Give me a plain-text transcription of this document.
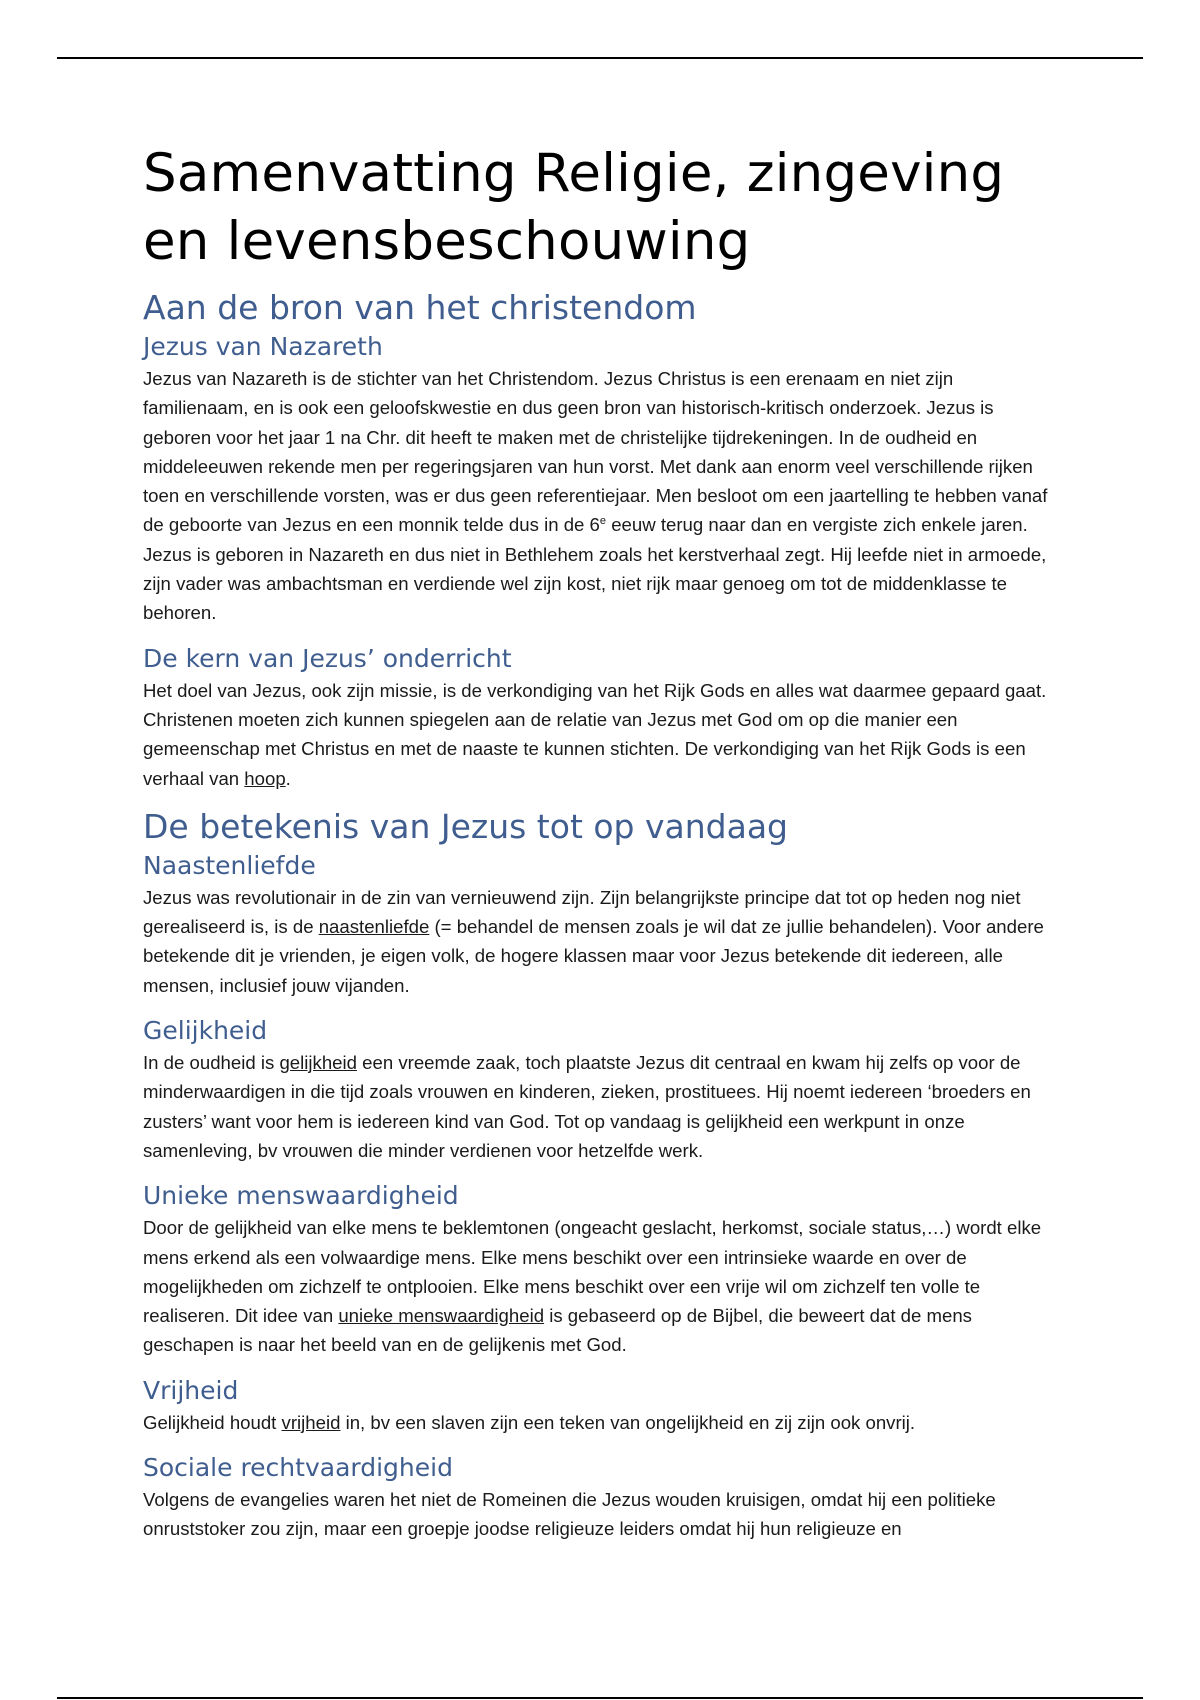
Samenvatting Religie, zingeving en levensbeschouwing
Aan de bron van het christendom
Jezus van Nazareth

Jezus van Nazareth is de stichter van het Christendom. Jezus Christus is een erenaam en niet zijn familienaam, en is ook een geloofskwestie en dus geen bron van historisch-kritisch onderzoek. Jezus is geboren voor het jaar 1 na Chr. dit heeft te maken met de christelijke tijdrekeningen. In de oudheid en middeleeuwen rekende men per regeringsjaren van hun vorst. Met dank aan enorm veel verschillende rijken toen en verschillende vorsten, was er dus geen referentiejaar. Men besloot om een jaartelling te hebben vanaf de geboorte van Jezus en een monnik telde dus in de 6e eeuw terug naar dan en vergiste zich enkele jaren. Jezus is geboren in Nazareth en dus niet in Bethlehem zoals het kerstverhaal zegt. Hij leefde niet in armoede, zijn vader was ambachtsman en verdiende wel zijn kost, niet rijk maar genoeg om tot de middenklasse te behoren.

De kern van Jezus’ onderricht

Het doel van Jezus, ook zijn missie, is de verkondiging van het Rijk Gods en alles wat daarmee gepaard gaat. Christenen moeten zich kunnen spiegelen aan de relatie van Jezus met God om op die manier een gemeenschap met Christus en met de naaste te kunnen stichten. De verkondiging van het Rijk Gods is een verhaal van hoop.

De betekenis van Jezus tot op vandaag
Naastenliefde

Jezus was revolutionair in de zin van vernieuwend zijn. Zijn belangrijkste principe dat tot op heden nog niet gerealiseerd is, is de naastenliefde (= behandel de mensen zoals je wil dat ze jullie behandelen). Voor andere betekende dit je vrienden, je eigen volk, de hogere klassen maar voor Jezus betekende dit iedereen, alle mensen, inclusief jouw vijanden.

Gelijkheid

In de oudheid is gelijkheid een vreemde zaak, toch plaatste Jezus dit centraal en kwam hij zelfs op voor de minderwaardigen in die tijd zoals vrouwen en kinderen, zieken, prostituees. Hij noemt iedereen ‘broeders en zusters’ want voor hem is iedereen kind van God. Tot op vandaag is gelijkheid een werkpunt in onze samenleving, bv vrouwen die minder verdienen voor hetzelfde werk.

Unieke menswaardigheid

Door de gelijkheid van elke mens te beklemtonen (ongeacht geslacht, herkomst, sociale status,…) wordt elke mens erkend als een volwaardige mens. Elke mens beschikt over een intrinsieke waarde en over de mogelijkheden om zichzelf te ontplooien. Elke mens beschikt over een vrije wil om zichzelf ten volle te realiseren. Dit idee van unieke menswaardigheid is gebaseerd op de Bijbel, die beweert dat de mens geschapen is naar het beeld van en de gelijkenis met God.

Vrijheid

Gelijkheid houdt vrijheid in, bv een slaven zijn een teken van ongelijkheid en zij zijn ook onvrij.

Sociale rechtvaardigheid

Volgens de evangelies waren het niet de Romeinen die Jezus wouden kruisigen, omdat hij een politieke onruststoker zou zijn, maar een groepje joodse religieuze leiders omdat hij hun religieuze en
